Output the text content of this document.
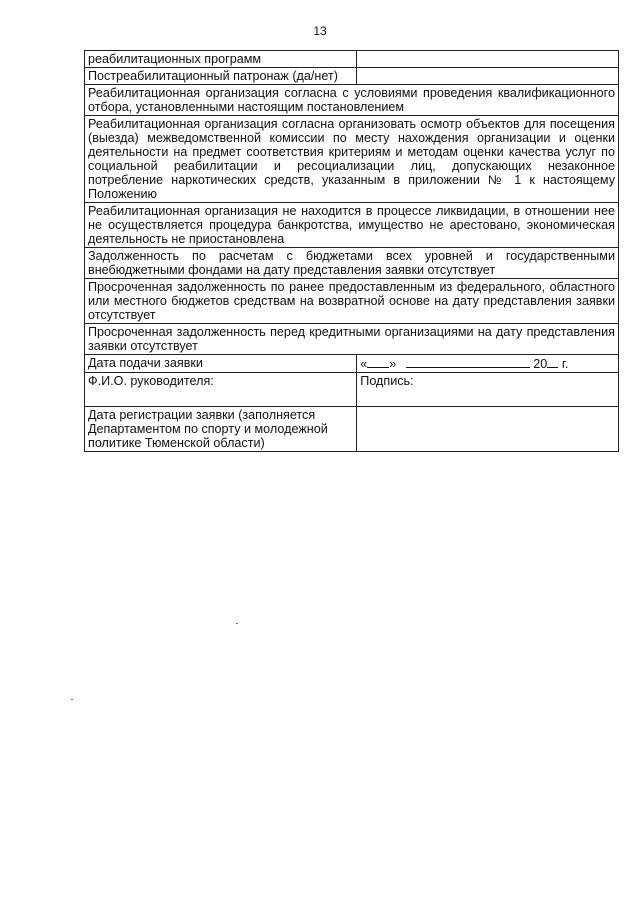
13
реабилитационных программ	
Постреабилитационный патронаж (да/нет)	
Реабилитационная организация согласна с условиями проведения квалификационного отбора, установленными настоящим постановлением	
Реабилитационная организация согласна организовать осмотр объектов для посещения (выезда) межведомственной комиссии по месту нахождения организации и оценки деятельности на предмет соответствия критериям и методам оценки качества услуг по социальной реабилитации и ресоциализации лиц, допускающих незаконное потребление наркотических средств, указанным в приложении № 1 к настоящему Положению	
Реабилитационная организация не находится в процессе ликвидации, в отношении нее не осуществляется процедура банкротства, имущество не арестовано, экономическая деятельность не приостановлена	
Задолженность по расчетам с бюджетами всех уровней и государственными внебюджетными фондами на дату представления заявки отсутствует	
Просроченная задолженность по ранее предоставленным из федерального, областного или местного бюджетов средствам на возвратной основе на дату представления заявки отсутствует	
Просроченная задолженность перед кредитными организациями на дату представления заявки отсутствует	
Дата подачи заявки	« » 20 г.
Ф.И.О. руководителя:	Подпись:
Дата регистрации заявки (заполняется Департаментом по спорту и молодежной политике Тюменской области)	
